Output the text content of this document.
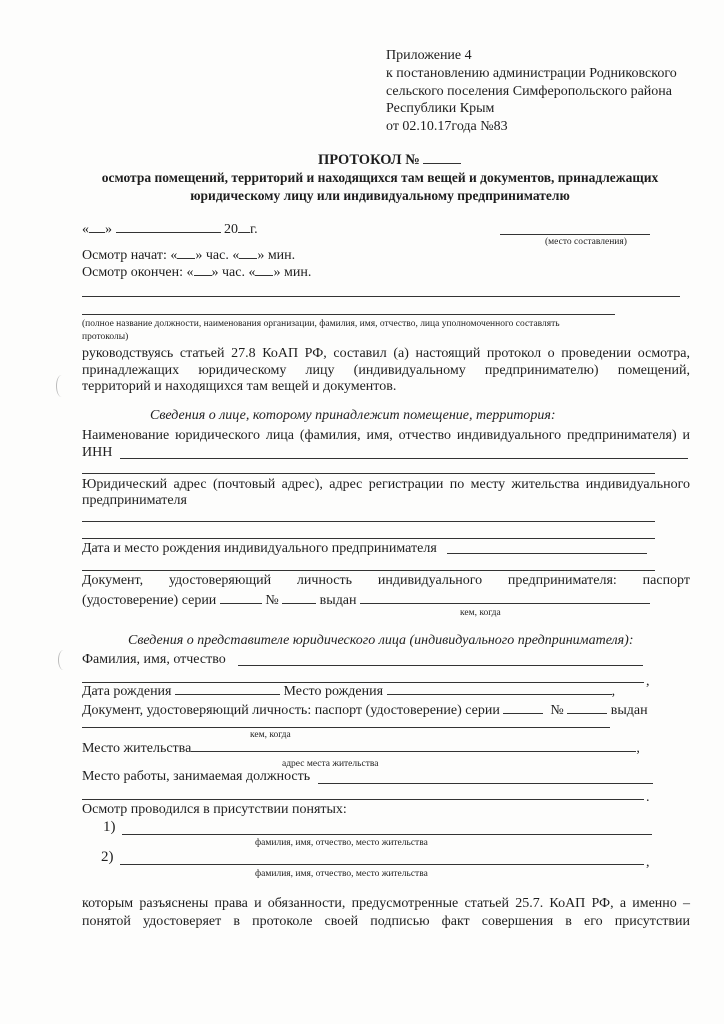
Приложение 4
к постановлению администрации Родниковского
сельского поселения Симферопольского района
Республики Крым
от 02.10.17года №83
ПРОТОКОЛ №
осмотра помещений, территорий и находящихся там вещей и документов, принадлежащих
юридическому лицу или индивидуальному предпринимателю
« »	20 г.
(место составления)
Осмотр начат: « » час. « » мин.
Осмотр окончен: « » час. « » мин.
(полное название должности, наименования организации, фамилия, имя, отчество, лица уполномоченного составлять
протоколы)
руководствуясь статьей 27.8 КоАП РФ, составил (а) настоящий протокол о проведении осмотра,
принадлежащих юридическому лицу (индивидуальному предпринимателю) помещений,
территорий и находящихся там вещей и документов.
Сведения о лице, которому принадлежит помещение, территория:
Наименование юридического лица (фамилия, имя, отчество индивидуального предпринимателя) и
ИНН
Юридический адрес (почтовый адрес), адрес регистрации по месту жительства индивидуального
предпринимателя
Дата и место рождения индивидуального предпринимателя
Документ, удостоверяющий личность индивидуального предпринимателя: паспорт
(удостоверение) серии	№	выдан
кем, когда
Сведения о представителе юридического лица (индивидуального предпринимателя):
Фамилия, имя, отчество
,
Дата рождения	Место рождения	,
Документ, удостоверяющий личность: паспорт (удостоверение) серии	№	выдан
кем, когда
Место жительства	,
адрес места жительства
Место работы, занимаемая должность
.
Осмотр проводился в присутствии понятых:
1)
фамилия, имя, отчество, место жительства
2)	,
фамилия, имя, отчество, место жительства
которым разъяснены права и обязанности, предусмотренные статьей 25.7. КоАП РФ, а именно –
понятой удостоверяет в протоколе своей подписью факт совершения в его присутствии
